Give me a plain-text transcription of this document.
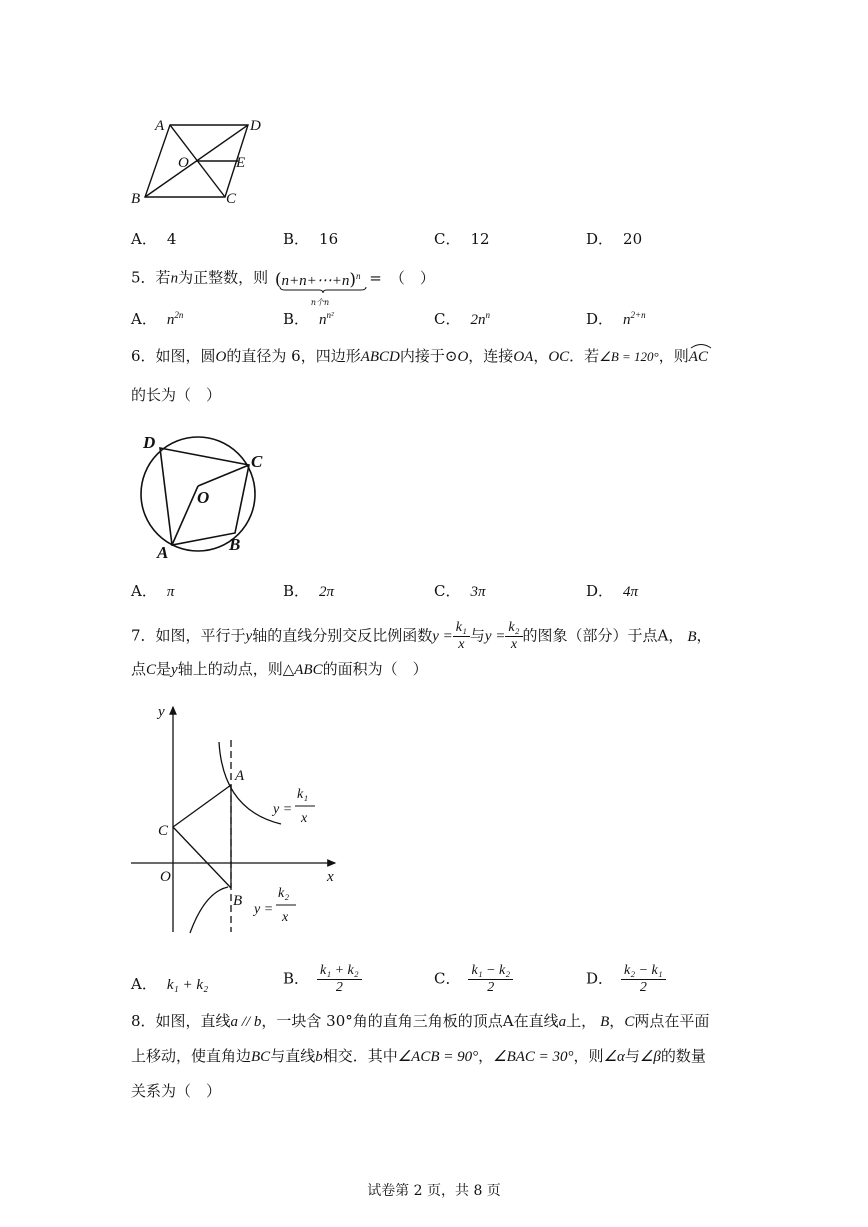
A	D
O	E
B	C
A． 4	B． 16	C． 12	D． 20
5．若n为正整数，则 (n+n+⋯+n)$^n$
n个n
= （　）
A． $n^{2n}$	B． $n^{n^2}$	C． $2n^n$	D． $n^{2+n}$
6．如图，圆O的直径为 6，四边形ABCD内接于⊙O，连接OA，OC．若∠B = 120°，则
AC
的长为（　）
D
C
O
A	B
A． π	B． 2π	C． 3π	D． 4π
7．如图，平行于y轴的直线分别交反比例函数$y = \frac{\text{k₁}}{x}$ 与$y = \frac{\text{k₂}}{x}$ 的图象（部分）于点A， B，
点C是y轴上的动点，则△ABC的面积为（　）
y
x
O
A
B
C
y =
k₁
x
y =
k₂
x
A． k₁ + k₂	B． $\frac{\text{k₁ + k₂}}{2}$	C． $\frac{\text{k₁ − k₂}}{2}$	D． $\frac{\text{k₂ − k₁}}{2}$
8．如图，直线a // b，一块含 30°角的直角三角板的顶点A在直线a上， B，C两点在平面
上移动，使直角边BC与直线b相交．其中∠ACB = 90°，∠BAC = 30°，则∠α与∠β的数量
关系为（　）
试卷第 2 页，共 8 页
